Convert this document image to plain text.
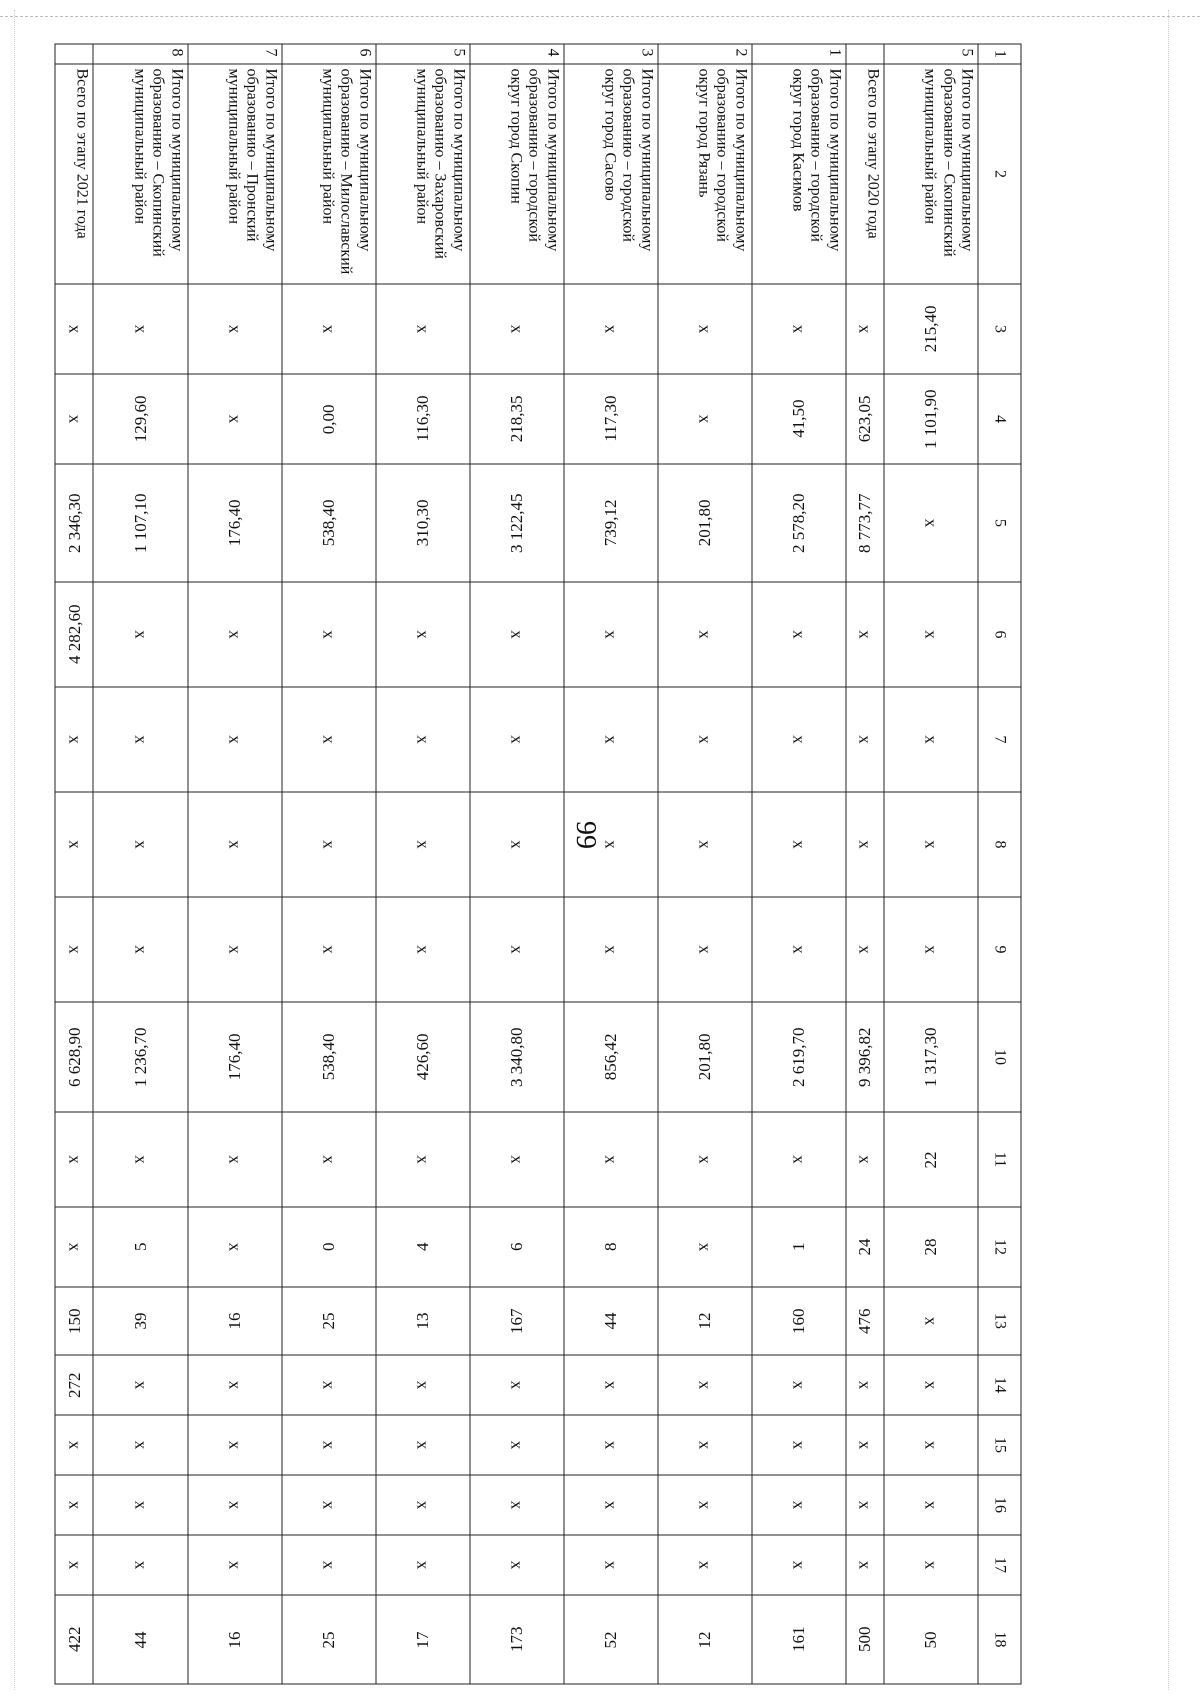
99
1	2	3	4	5	6	7	8	9	10	11	12	13	14	15	16	17	18
5	Итого по муниципальному образованию – Скопинский муниципальный район	215,40	1 101,90	х	х	х	х	х	1 317,30	22	28	х	х	х	х	х	50
	Всего по этапу 2020 года	х	623,05	8 773,77	х	х	х	х	9 396,82	х	24	476	х	х	х	х	500
1	Итого по муниципальному образованию – городской округ город Касимов	х	41,50	2 578,20	х	х	х	х	2 619,70	х	1	160	х	х	х	х	161
2	Итого по муниципальному образованию – городской округ город Рязань	х	х	201,80	х	х	х	х	201,80	х	х	12	х	х	х	х	12
3	Итого по муниципальному образованию – городской округ город Сасово	х	117,30	739,12	х	х	х	х	856,42	х	8	44	х	х	х	х	52
4	Итого по муниципальному образованию – городской округ город Скопин	х	218,35	3 122,45	х	х	х	х	3 340,80	х	6	167	х	х	х	х	173
5	Итого по муниципальному образованию – Захаровский муниципальный район	х	116,30	310,30	х	х	х	х	426,60	х	4	13	х	х	х	х	17
6	Итого по муниципальному образованию – Милославский муниципальный район	х	0,00	538,40	х	х	х	х	538,40	х	0	25	х	х	х	х	25
7	Итого по муниципальному образованию – Пронский муниципальный район	х	х	176,40	х	х	х	х	176,40	х	х	16	х	х	х	х	16
8	Итого по муниципальному образованию – Скопинский муниципальный район	х	129,60	1 107,10	х	х	х	х	1 236,70	х	5	39	х	х	х	х	44
	Всего по этапу 2021 года	х	х	2 346,30	4 282,60	х	х	х	6 628,90	х	х	150	272	х	х	х	422
